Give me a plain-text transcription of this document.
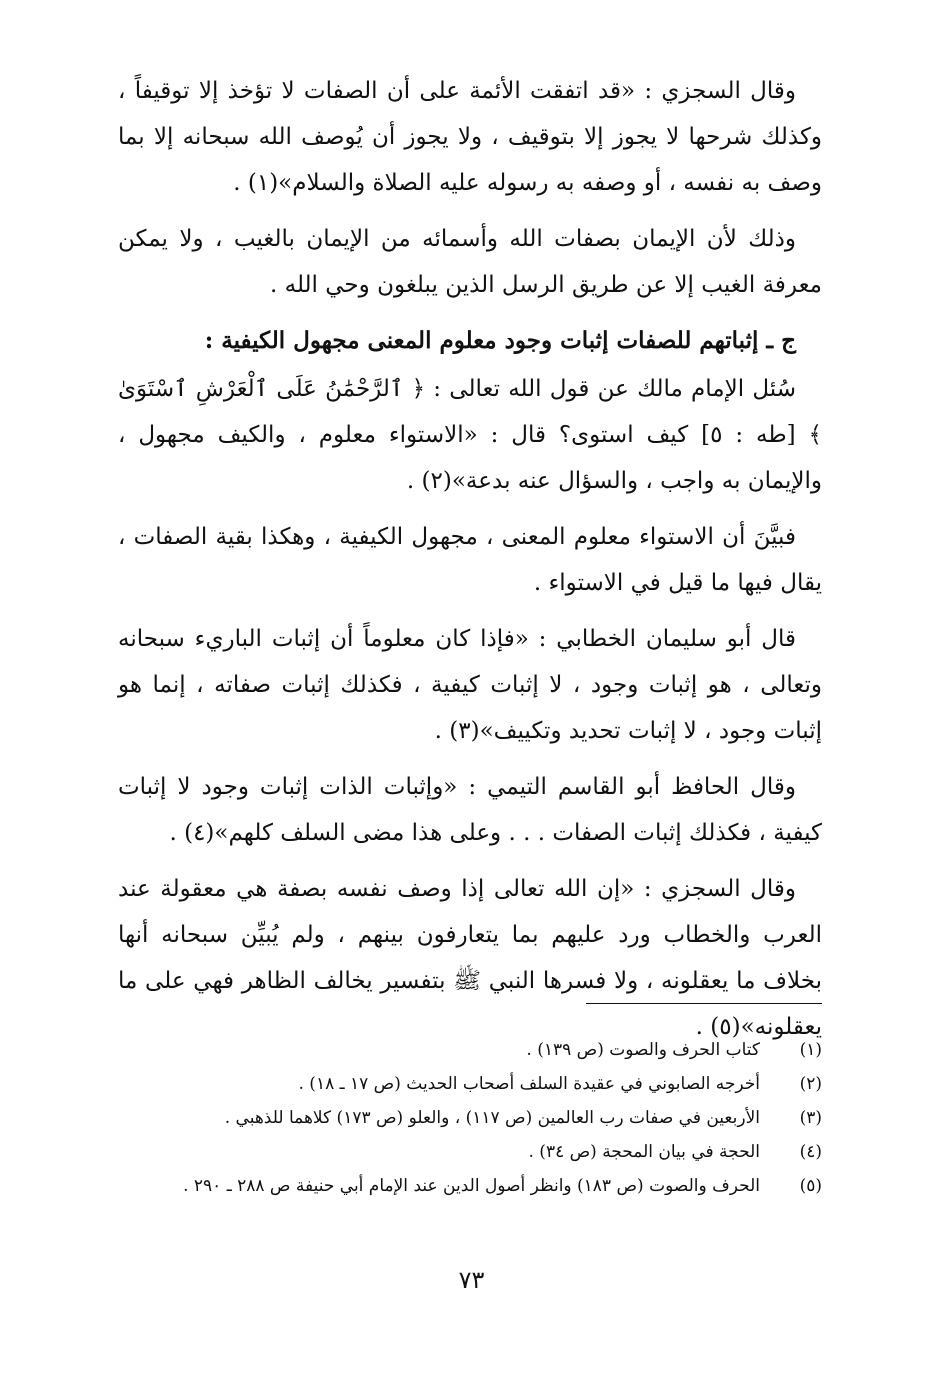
وقال السجزي : «قد اتفقت الأئمة على أن الصفات لا تؤخذ إلا توقيفاً ، وكذلك شرحها لا يجوز إلا بتوقيف ، ولا يجوز أن يُوصف الله سبحانه إلا بما وصف به نفسه ، أو وصفه به رسوله عليه الصلاة والسلام»(١) .

وذلك لأن الإيمان بصفات الله وأسمائه من الإيمان بالغيب ، ولا يمكن معرفة الغيب إلا عن طريق الرسل الذين يبلغون وحي الله .

ج ـ إثباتهم للصفات إثبات وجود معلوم المعنى مجهول الكيفية :

سُئل الإمام مالك عن قول الله تعالى : ﴿ ٱلرَّحْمَٰنُ عَلَى ٱلْعَرْشِ ٱسْتَوَىٰ ﴾ [طه : ٥] كيف استوى؟ قال : «الاستواء معلوم ، والكيف مجهول ، والإيمان به واجب ، والسؤال عنه بدعة»(٢) .

فبيَّنَ أن الاستواء معلوم المعنى ، مجهول الكيفية ، وهكذا بقية الصفات ، يقال فيها ما قيل في الاستواء .

قال أبو سليمان الخطابي : «فإذا كان معلوماً أن إثبات الباريء سبحانه وتعالى ، هو إثبات وجود ، لا إثبات كيفية ، فكذلك إثبات صفاته ، إنما هو إثبات وجود ، لا إثبات تحديد وتكييف»(٣) .

وقال الحافظ أبو القاسم التيمي : «وإثبات الذات إثبات وجود لا إثبات كيفية ، فكذلك إثبات الصفات . . . وعلى هذا مضى السلف كلهم»(٤) .

وقال السجزي : «إن الله تعالى إذا وصف نفسه بصفة هي معقولة عند العرب والخطاب ورد عليهم بما يتعارفون بينهم ، ولم يُبيِّن سبحانه أنها بخلاف ما يعقلونه ، ولا فسرها النبي ﷺ بتفسير يخالف الظاهر فهي على ما يعقلونه»(٥) .

(١)
كتاب الحرف والصوت (ص ١٣٩) .

(٢)
أخرجه الصابوني في عقيدة السلف أصحاب الحديث (ص ١٧ ـ ١٨) .

(٣)
الأربعين في صفات رب العالمين (ص ١١٧) ، والعلو (ص ١٧٣) كلاهما للذهبي .

(٤)
الحجة في بيان المحجة (ص ٣٤) .

(٥)
الحرف والصوت (ص ١٨٣) وانظر أصول الدين عند الإمام أبي حنيفة ص ٢٨٨ ـ ٢٩٠ .

٧٣
